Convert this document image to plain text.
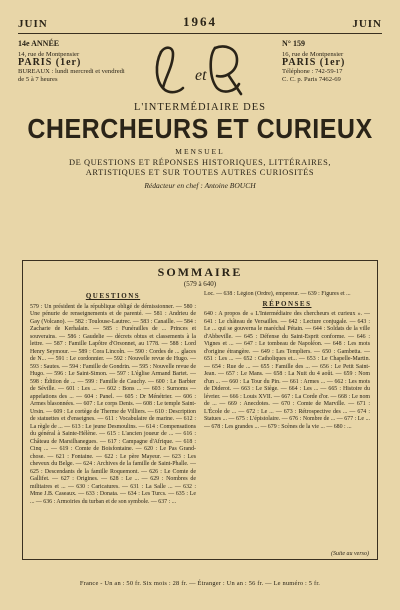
JUIN	1964	JUIN
14e ANNÉE
14, rue de Montpensier
PARIS (1er)
BUREAUX : lundi mercredi et vendredi de 5 à 7 heures	et
N° 159
16, rue de Montpensier
PARIS (1er)
Téléphone : 742-59-17
C. C. p. Paris 7462-69
L'INTERMÉDIAIRE DES
CHERCHEURS ET CURIEUX
MENSUEL
DE QUESTIONS ET RÉPONSES HISTORIQUES, LITTÉRAIRES,
ARTISTIQUES ET SUR TOUTES AUTRES CURIOSITÉS
Rédacteur en chef : Antoine BOUCH
SOMMAIRE
(579 à 640)
QUESTIONS
579 : Un président de la république obligé de démissionner. — 580 : Une pénurie de renseignements et de parenté. — 581 : Andrieu de Gay (Volcano). — 582 : Toulouse-Lautrec. — 583 : Canaille. — 584 : Zacharie de Kerhalain. — 585 : Funérailles de ... Princes et souverains. — 586 : Gaudelie — décrets obtus et classements à la lettre. — 587 : Famille Lapôtre d'Orsonnet, au 1778. — 588 : Lord Henry Seymour. — 589 : Cora Lincoln. — 590 : Cordes de ... glaces de N... — 591 : Le cordonnier. — 592 : Nouvelle revue de Hugo. — 593 : Sautes. — 594 : Famille de Gondrin. — 595 : Nouvelle revue de Hugo. — 596 : Le Saint-Simon. — 597 : L'église Armand Bartet. — 598 : Édition de ... — 599 : Famille de Cauchy. — 600 : Le Barbier de Séville. — 601 : Les ... — 602 : Bons ... — 603 : Surnoms — appelations des ... — 604 : Panel. — 605 : Dr Ménétrier. — 606 : Armes blasonnées. — 607 : Le corps Denis. — 608 : Le temple Saint-Ursin. — 609 : Le cortège de Therme de Villiers. — 610 : Description de statuettes et d'enseignes. — 611 : Vocabulaire de marine. — 612 : La règle de ... — 613 : Le jeune Desmoulins. — 614 : Compensations du général à Sainte-Hélène. — 615 : L'ancien joueur de ... — 616 : Château de Marsilhanegues. — 617 : Campagne d'Afrique. — 618 : Cinq ... — 619 : Comte de Boisfontaine. — 620 : Le Pas Grand-chose. — 621 : Fontaine. — 622 : Le père Mayeur. — 623 : Les cheveux du Belge. — 624 : Archives de la famille de Saint-Phalle. — 625 : Descendants de la famille Roquemont. — 626 : Le Comte de Gallifet. — 627 : Origines. — 628 : Le ... — 629 : Nombres de militaires et ... — 630 : Caricatures. — 631 : La Salle ... — 632 : Mme J.B. Caseaux. — 633 : Donata. — 634 : Les Turcs. — 635 : Le ... — 636 : Armoiries du turban et de son symbole. — 637 : ...
Loc. — 638 : Légion (Ordre), empereur. — 639 : Figures et ...
RÉPONSES
640 : A propos de « L'Intermédiaire des chercheurs et curieux ». — 641 : Le château de Versailles. — 642 : Lecture conjugale. — 643 : Le ... qui se gouverna le maréchal Pétain. — 644 : Soldats de la ville d'Abbeville. — 645 : Défense du Saint-Esprit conforme. — 646 : Vignes et ... — 647 : Le tombeau de Napoléon. — 648 : Les mots d'origine étrangère. — 649 : Les Templiers. — 650 : Gambetta. — 651 : Les ... — 652 : Catholiques et... — 653 : Le Chapelle-Martin. — 654 : Rue de ... — 655 : Famille des ... — 656 : Le Petit Saint-Jean. — 657 : Le Mans. — 658 : La Nuit du 4 août. — 659 : Nom d'un ... — 660 : La Tour du Pin. — 661 : Armes ... — 662 : Les mots de Diderot. — 663 : Le Siège. — 664 : Les ... — 665 : Histoire du lévrier. — 666 : Louis XVII. — 667 : La Corde d'or. — 668 : Le nom de ... — 669 : Anecdotes. — 670 : Comte de Marville. — 671 : L'École de ... — 672 : Le ... — 673 : Rétrospective des ... — 674 : Statues ... — 675 : L'épistolaire. — 676 : Nombre de ... — 677 : Le ... — 678 : Les grandes ... — 679 : Scènes de la vie ... — 680 : ...
(Suite au verso)
France - Un an : 50 fr. Six mois : 28 fr. — Étranger : Un an : 56 fr. — Le numéro : 5 fr.
